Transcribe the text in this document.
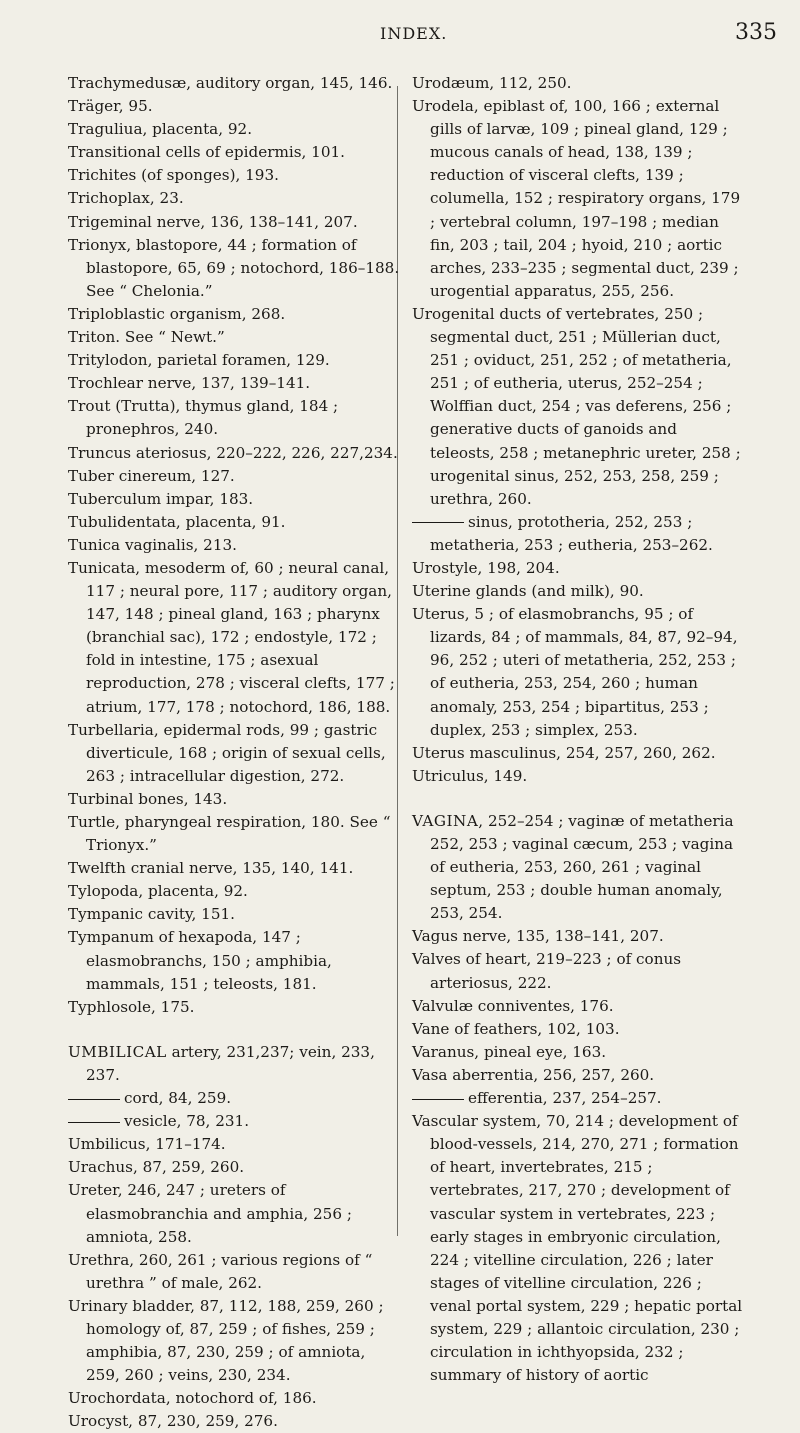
INDEX.	335

Trachymedusæ, auditory organ, 145, 146.

Träger, 95.

Traguliua, placenta, 92.

Transitional cells of epidermis, 101.

Trichites (of sponges), 193.

Trichoplax, 23.

Trigeminal nerve, 136, 138–141, 207.

Trionyx, blastopore, 44 ; formation of blastopore, 65, 69 ; notochord, 186–188. See “ Chelonia.”

Triploblastic organism, 268.

Triton. See “ Newt.”

Tritylodon, parietal foramen, 129.

Trochlear nerve, 137, 139–141.

Trout (Trutta), thymus gland, 184 ; pronephros, 240.

Truncus ateriosus, 220–222, 226, 227,234.

Tuber cinereum, 127.

Tuberculum impar, 183.

Tubulidentata, placenta, 91.

Tunica vaginalis, 213.

Tunicata, mesoderm of, 60 ; neural canal, 117 ; neural pore, 117 ; auditory organ, 147, 148 ; pineal gland, 163 ; pharynx (branchial sac), 172 ; endostyle, 172 ; fold in intestine, 175 ; asexual reproduction, 278 ; visceral clefts, 177 ; atrium, 177, 178 ; notochord, 186, 188.

Turbellaria, epidermal rods, 99 ; gastric diverticule, 168 ; origin of sexual cells, 263 ; intracellular digestion, 272.

Turbinal bones, 143.

Turtle, pharyngeal respiration, 180. See “ Trionyx.”

Twelfth cranial nerve, 135, 140, 141.

Tylopoda, placenta, 92.

Tympanic cavity, 151.

Tympanum of hexapoda, 147 ; elasmobranchs, 150 ; amphibia, mammals, 151 ; teleosts, 181.

Typhlosole, 175.

UMBILICAL artery, 231,237; vein, 233, 237.

cord, 84, 259.

vesicle, 78, 231.

Umbilicus, 171–174.

Urachus, 87, 259, 260.

Ureter, 246, 247 ; ureters of elasmobranchia and amphia, 256 ; amniota, 258.

Urethra, 260, 261 ; various regions of “ urethra ” of male, 262.

Urinary bladder, 87, 112, 188, 259, 260 ; homology of, 87, 259 ; of fishes, 259 ; amphibia, 87, 230, 259 ; of amniota, 259, 260 ; veins, 230, 234.

Urochordata, notochord of, 186.

Urocyst, 87, 230, 259, 276.

Urodæum, 112, 250.

Urodela, epiblast of, 100, 166 ; external gills of larvæ, 109 ; pineal gland, 129 ; mucous canals of head, 138, 139 ; reduction of visceral clefts, 139 ; columella, 152 ; respiratory organs, 179 ; vertebral column, 197–198 ; median fin, 203 ; tail, 204 ; hyoid, 210 ; aortic arches, 233–235 ; segmental duct, 239 ; urogential apparatus, 255, 256.

Urogenital ducts of vertebrates, 250 ; segmental duct, 251 ; Müllerian duct, 251 ; oviduct, 251, 252 ; of metatheria, 251 ; of eutheria, uterus, 252–254 ; Wolffian duct, 254 ; vas deferens, 256 ; generative ducts of ganoids and teleosts, 258 ; metanephric ureter, 258 ; urogenital sinus, 252, 253, 258, 259 ; urethra, 260.

sinus, prototheria, 252, 253 ; metatheria, 253 ; eutheria, 253–262.

Urostyle, 198, 204.

Uterine glands (and milk), 90.

Uterus, 5 ; of elasmobranchs, 95 ; of lizards, 84 ; of mammals, 84, 87, 92–94, 96, 252 ; uteri of metatheria, 252, 253 ; of eutheria, 253, 254, 260 ; human anomaly, 253, 254 ; bipartitus, 253 ; duplex, 253 ; simplex, 253.

Uterus masculinus, 254, 257, 260, 262.

Utriculus, 149.

VAGINA, 252–254 ; vaginæ of metatheria 252, 253 ; vaginal cæcum, 253 ; vagina of eutheria, 253, 260, 261 ; vaginal septum, 253 ; double human anomaly, 253, 254.

Vagus nerve, 135, 138–141, 207.

Valves of heart, 219–223 ; of conus arteriosus, 222.

Valvulæ conniventes, 176.

Vane of feathers, 102, 103.

Varanus, pineal eye, 163.

Vasa aberrentia, 256, 257, 260.

efferentia, 237, 254–257.

Vascular system, 70, 214 ; development of blood-vessels, 214, 270, 271 ; formation of heart, invertebrates, 215 ; vertebrates, 217, 270 ; development of vascular system in vertebrates, 223 ; early stages in embryonic circulation, 224 ; vitelline circulation, 226 ; later stages of vitelline circulation, 226 ; venal portal system, 229 ; hepatic portal system, 229 ; allantoic circulation, 230 ; circulation in ichthyopsida, 232 ; summary of history of aortic
